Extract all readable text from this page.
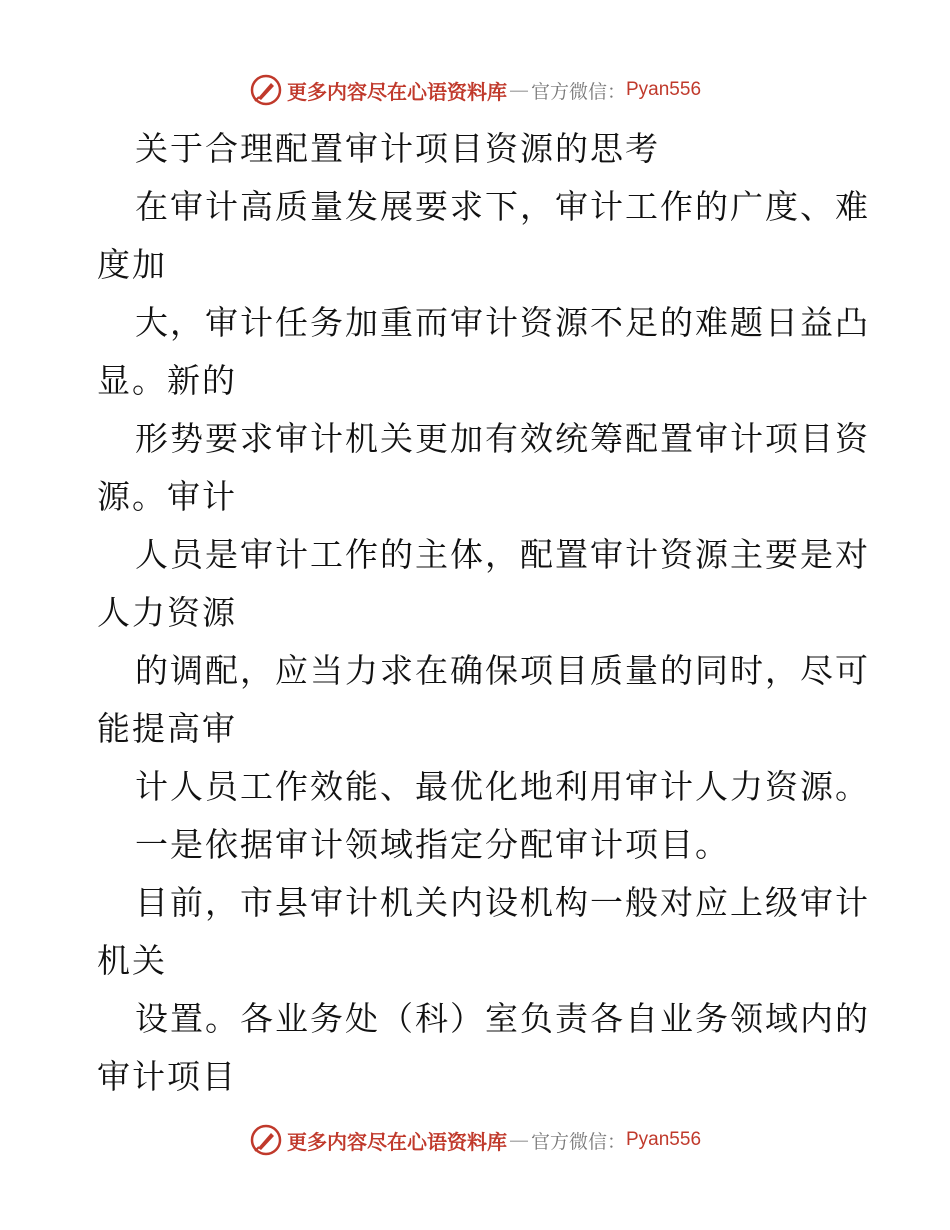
更多内容尽在心语资料库 — 官方微信： Pyan556
关于合理配置审计项目资源的思考
在审计高质量发展要求下，审计工作的广度、难
度加
大，审计任务加重而审计资源不足的难题日益凸
显。新的
形势要求审计机关更加有效统筹配置审计项目资
源。审计
人员是审计工作的主体，配置审计资源主要是对
人力资源
的调配，应当力求在确保项目质量的同时，尽可
能提高审
计人员工作效能、最优化地利用审计人力资源。
一是依据审计领域指定分配审计项目。
目前，市县审计机关内设机构一般对应上级审计
机关
设置。各业务处（科）室负责各自业务领域内的
审计项目
更多内容尽在心语资料库 — 官方微信： Pyan556
